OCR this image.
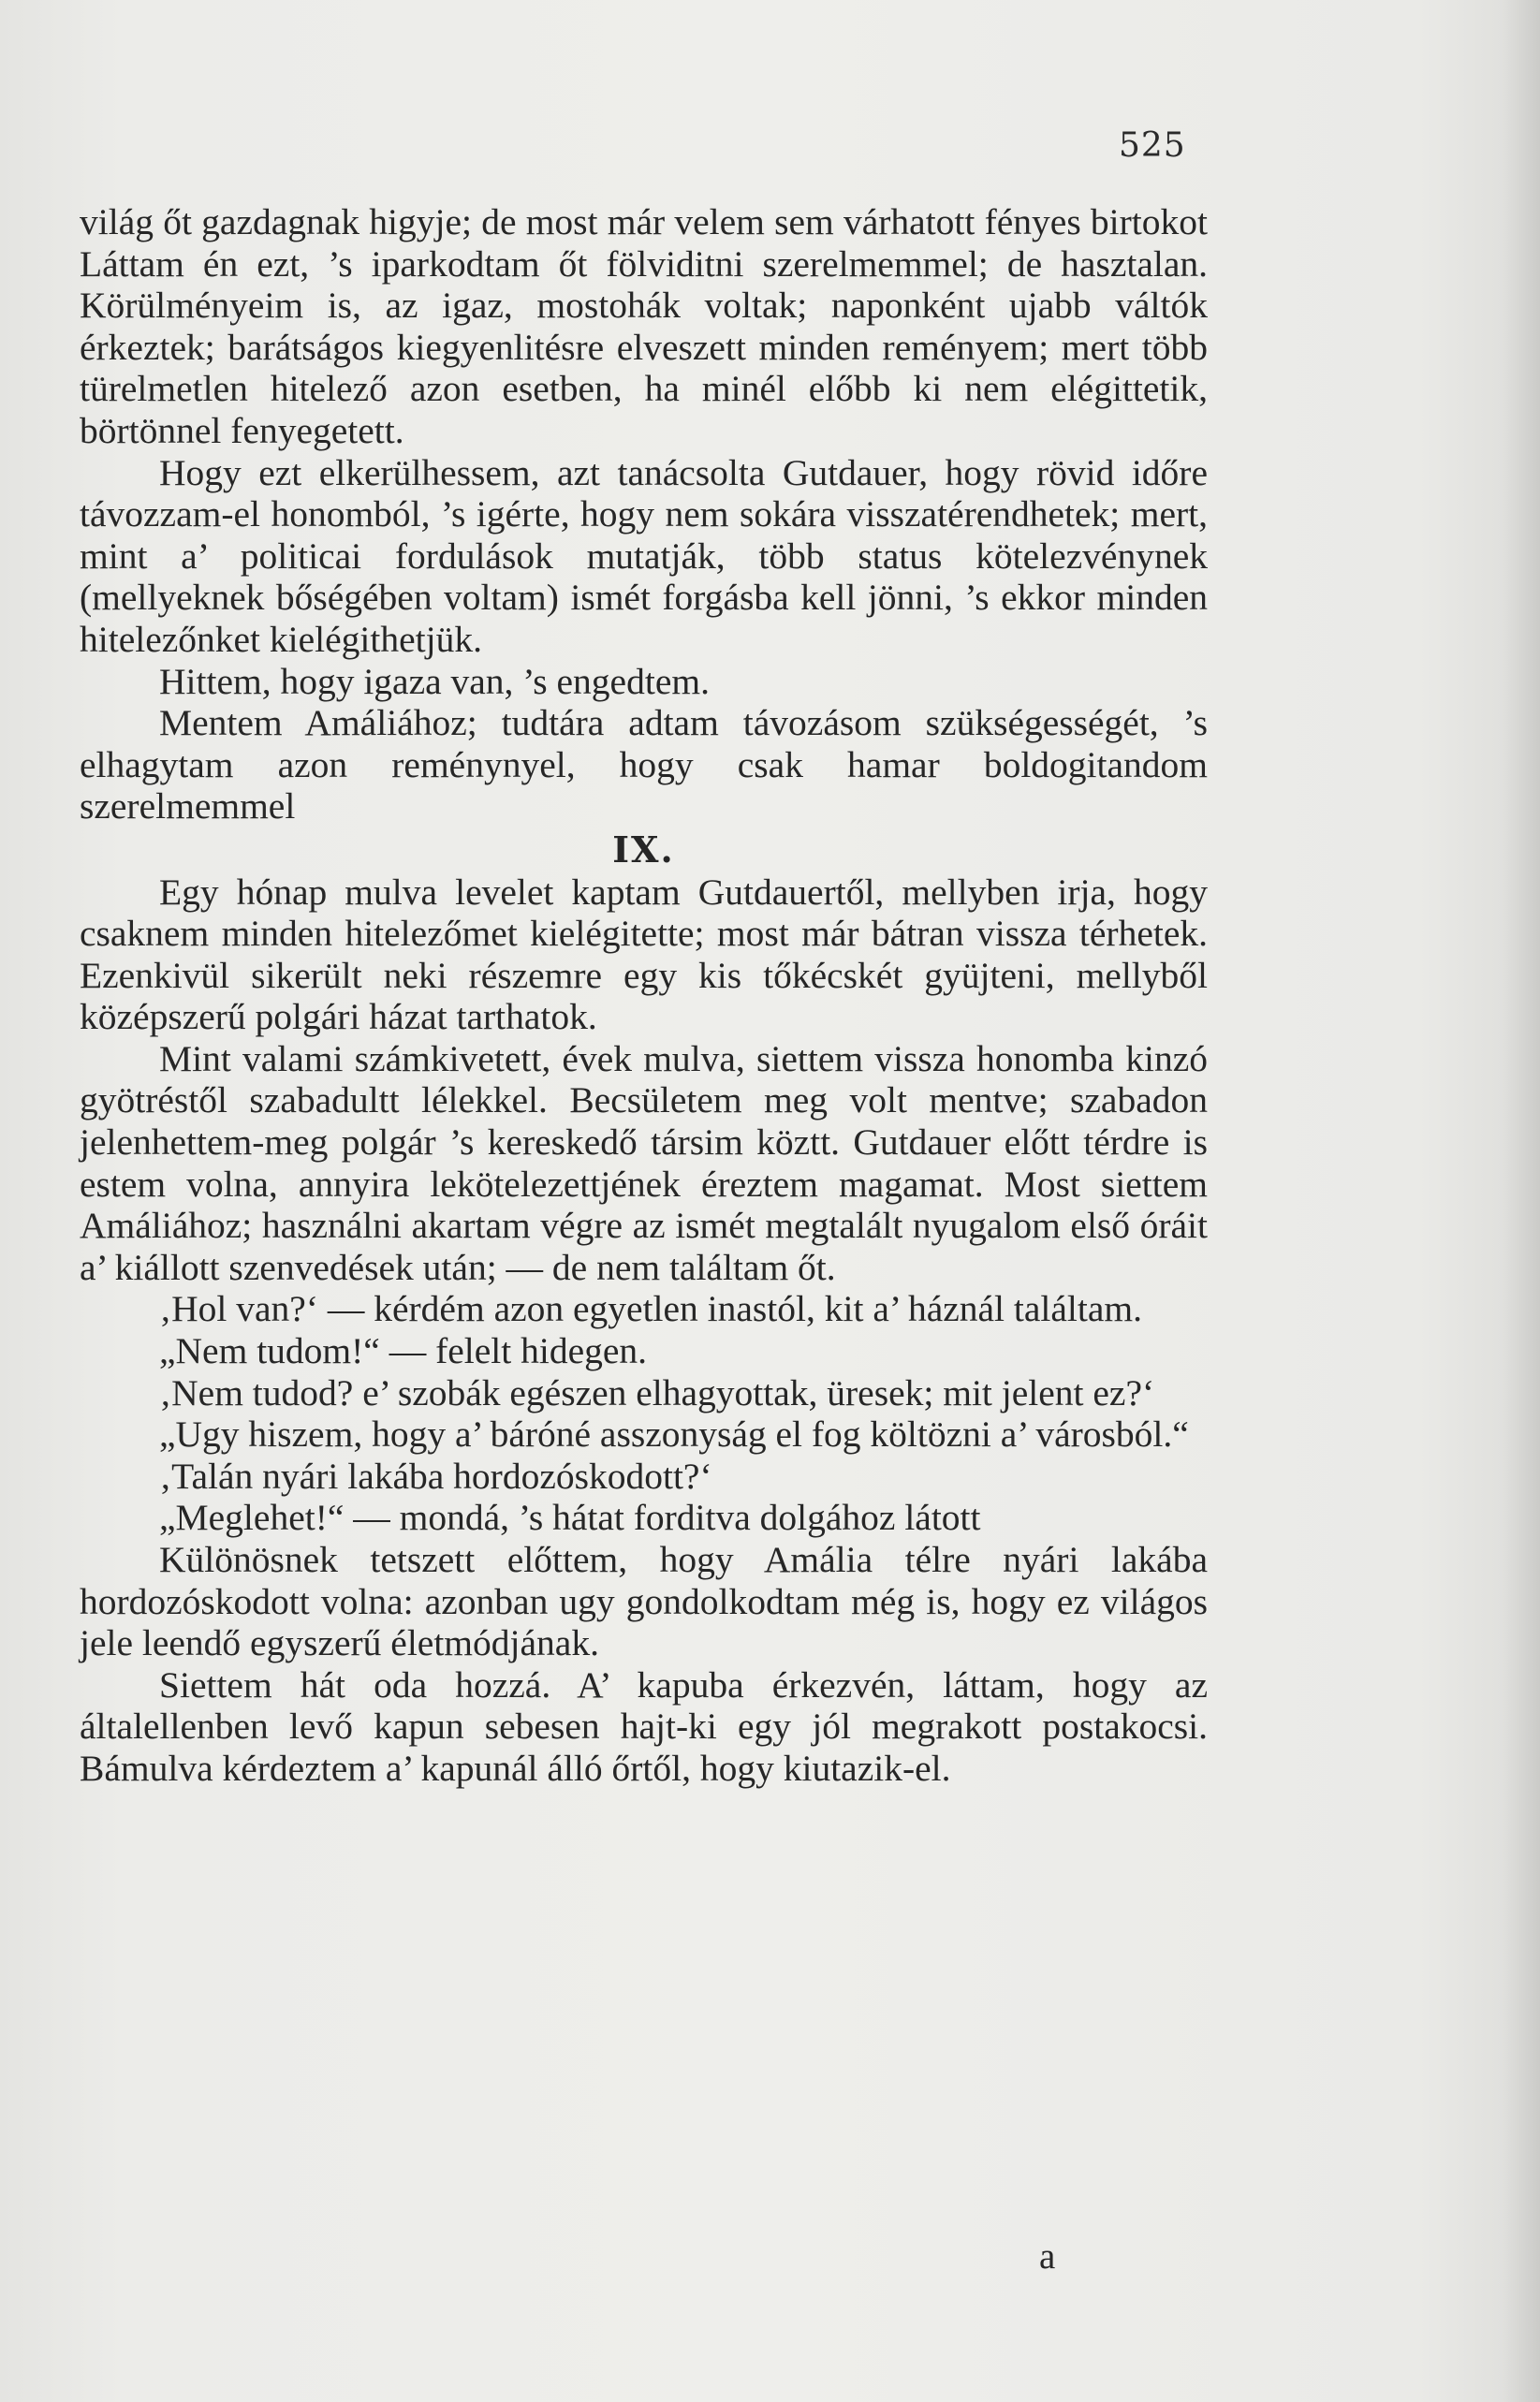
525

világ őt gazdagnak higyje; de most már velem sem várhatott fényes birtokot Láttam én ezt, ’s iparkodtam őt fölviditni szerelmemmel; de hasztalan. Körülményeim is, az igaz, mostohák voltak; naponként ujabb váltók érkeztek; barátságos kiegyenlitésre elveszett minden reményem; mert több türelmetlen hitelező azon esetben, ha minél előbb ki nem elégittetik, börtönnel fenyegetett.

Hogy ezt elkerülhessem, azt tanácsolta Gutdauer, hogy rövid időre távozzam-el honomból, ’s igérte, hogy nem sokára visszatérendhetek; mert, mint a’ politicai fordulások mutatják, több status kötelezvénynek (mellyeknek bőségében voltam) ismét forgásba kell jönni, ’s ekkor minden hitelezőnket kielégithetjük.

Hittem, hogy igaza van, ’s engedtem.

Mentem Amáliához; tudtára adtam távozásom szükségességét, ’s elhagytam azon reménynyel, hogy csak hamar boldogitandom szerelmemmel

IX.

Egy hónap mulva levelet kaptam Gutdauertől, mellyben irja, hogy csaknem minden hitelezőmet kielégitette; most már bátran vissza térhetek. Ezenkivül sikerült neki részemre egy kis tőkécskét gyüjteni, mellyből középszerű polgári házat tarthatok.

Mint valami számkivetett, évek mulva, siettem vissza honomba kinzó gyötréstől szabadultt lélekkel. Becsületem meg volt mentve; szabadon jelenhettem-meg polgár ’s kereskedő társim köztt. Gutdauer előtt térdre is estem volna, annyira lekötelezettjének éreztem magamat. Most siettem Amáliához; használni akartam végre az ismét megtalált nyugalom első óráit a’ kiállott szenvedések után; — de nem találtam őt.

‚Hol van?‘ — kérdém azon egyetlen inastól, kit a’ háznál találtam.

„Nem tudom!“ — felelt hidegen.

‚Nem tudod? e’ szobák egészen elhagyottak, üresek; mit jelent ez?‘

„Ugy hiszem, hogy a’ báróné asszonyság el fog költözni a’ városból.“

‚Talán nyári lakába hordozóskodott?‘

„Meglehet!“ — mondá, ’s hátat forditva dolgához látott

Különösnek tetszett előttem, hogy Amália télre nyári lakába hordozóskodott volna: azonban ugy gondolkodtam még is, hogy ez világos jele leendő egyszerű életmódjának.

Siettem hát oda hozzá. A’ kapuba érkezvén, láttam, hogy az általellenben levő kapun sebesen hajt-ki egy jól megrakott postakocsi. Bámulva kérdeztem a’ kapunál álló őrtől, hogy kiutazik-el.

a
